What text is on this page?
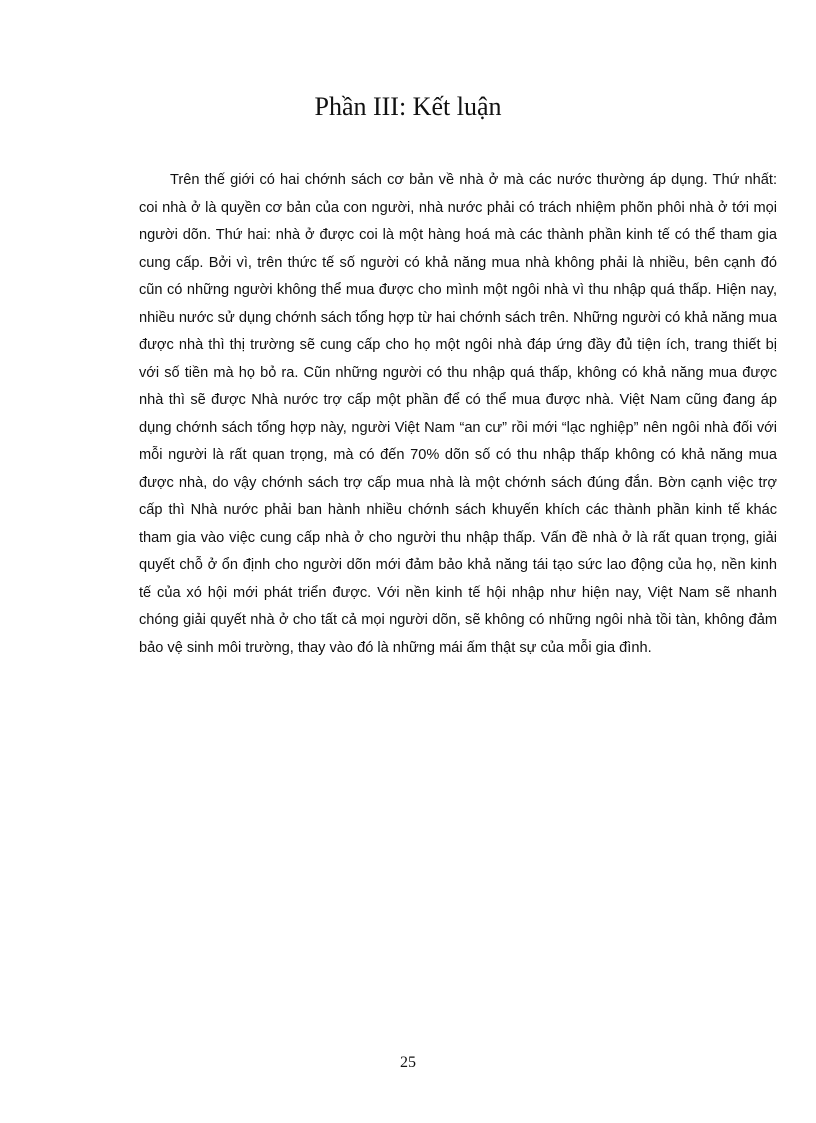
Phần III: Kết luận

Trên thế giới có hai chớnh sách cơ bản về nhà ở mà các nước thường áp dụng. Thứ nhất: coi nhà ở là quyền cơ bản của con người, nhà nước phải có trách nhiệm phõn phôi nhà ở tới mọi người dõn. Thứ hai: nhà ở được coi là một hàng hoá mà các thành phần kinh tế có thể tham gia cung cấp. Bởi vì, trên thức tế số người có khả năng mua nhà không phải là nhiều, bên cạnh đó cũn có những người không thể mua được cho mình một ngôi nhà vì thu nhập quá thấp. Hiện nay, nhiều nước sử dụng chớnh sách tổng hợp từ hai chớnh sách trên. Những người có khả năng mua được nhà thì thị trường sẽ cung cấp cho họ một ngôi nhà đáp ứng đầy đủ tiện ích, trang thiết bị với số tiền mà họ bỏ ra. Cũn những người có thu nhập quá thấp, không có khả năng mua được nhà thì sẽ được Nhà nước trợ cấp một phần để có thể mua được nhà. Việt Nam cũng đang áp dụng chớnh sách tổng hợp này, người Việt Nam “an cư” rồi mới “lạc nghiệp” nên ngôi nhà đối với mỗi người là rất quan trọng, mà có đến 70% dõn số có thu nhập thấp không có khả năng mua được nhà, do vậy chớnh sách trợ cấp mua nhà là một chớnh sách đúng đắn. Bờn cạnh việc trợ cấp thì Nhà nước phải ban hành nhiều chớnh sách khuyến khích các thành phần kinh tế khác tham gia vào việc cung cấp nhà ở cho người thu nhập thấp. Vấn đề nhà ở là rất quan trọng, giải quyết chỗ ở ổn định cho người dõn mới đảm bảo khả năng tái tạo sức lao động của họ, nền kinh tế của xó hội mới phát triển được. Với nền kinh tế hội nhập như hiện nay, Việt Nam sẽ nhanh chóng giải quyết nhà ở cho tất cả mọi người dõn, sẽ không có những ngôi nhà tồi tàn, không đảm bảo vệ sinh môi trường, thay vào đó là những mái ấm thật sự của mỗi gia đình.

25
